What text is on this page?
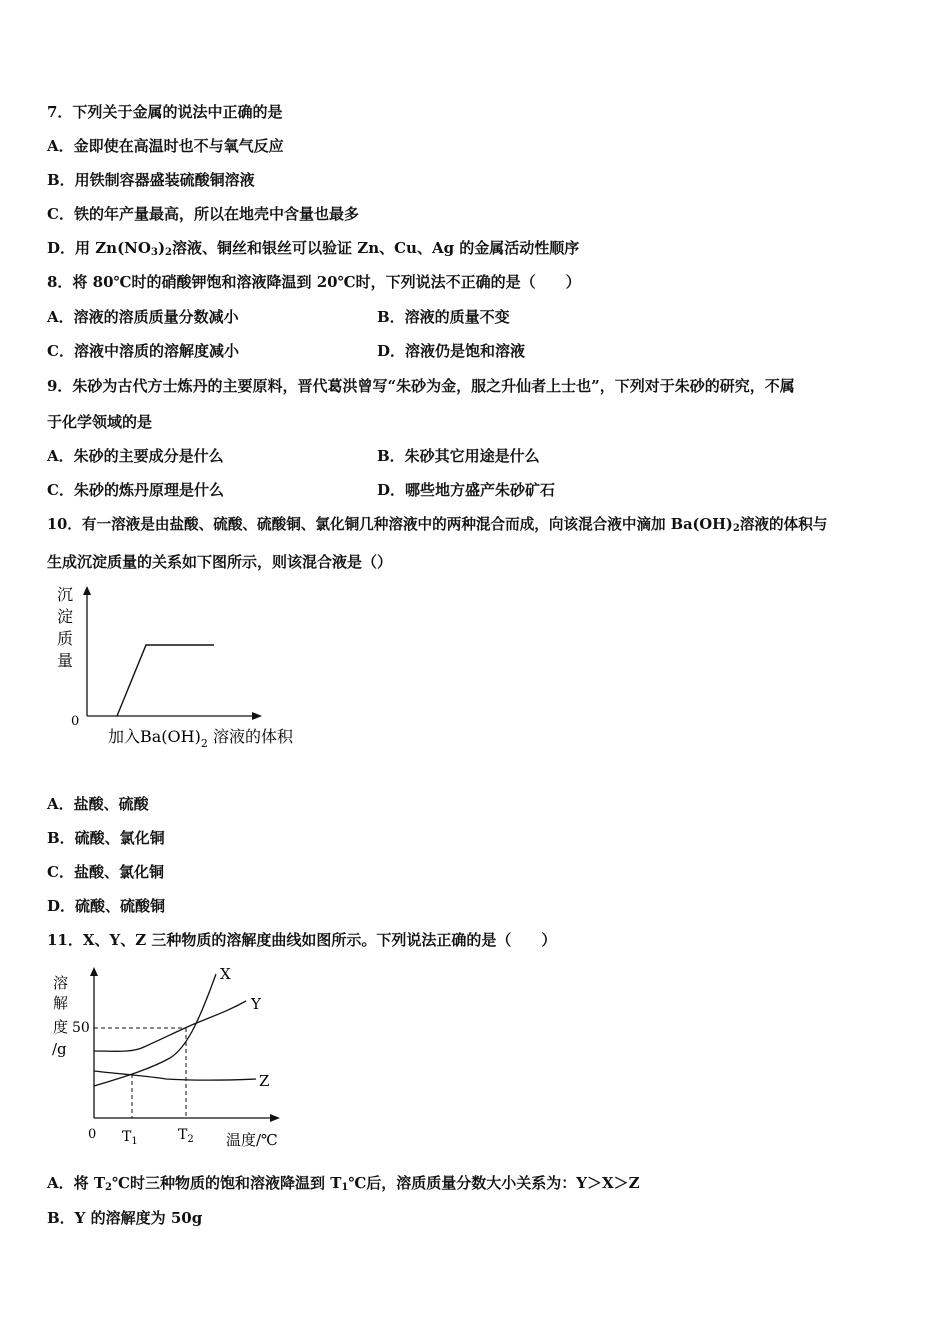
7．下列关于金属的说法中正确的是
A．金即使在高温时也不与氧气反应
B．用铁制容器盛装硫酸铜溶液
C．铁的年产量最高，所以在地壳中含量也最多
D．用 $Zn(NO_3)_2$溶液、铜丝和银丝可以验证 Zn、Cu、Ag 的金属活动性顺序
8．将 80℃时的硝酸钾饱和溶液降温到 20℃时，下列说法不正确的是（　　）
A．溶液的溶质质量分数减小	B．溶液的质量不变
C．溶液中溶质的溶解度减小	D．溶液仍是饱和溶液
9．朱砂为古代方士炼丹的主要原料，晋代葛洪曾写“朱砂为金，服之升仙者上士也”，下列对于朱砂的研究，不属
于化学领域的是
A．朱砂的主要成分是什么	B．朱砂其它用途是什么
C．朱砂的炼丹原理是什么	D．哪些地方盛产朱砂矿石
10．有一溶液是由盐酸、硫酸、硫酸铜、氯化铜几种溶液中的两种混合而成，向该混合液中滴加 $Ba(OH)_2$溶液的体积与
生成沉淀质量的关系如下图所示，则该混合液是（）
沉
淀
质
量
0
加入$Ba(OH)_2$ 溶液的体积
A．盐酸、硫酸
B．硫酸、氯化铜
C．盐酸、氯化铜
D．硫酸、硫酸铜
11．X、Y、Z 三种物质的溶解度曲线如图所示。下列说法正确的是（　　）
溶
解
度 50
/g
X
Y
Z
0 $T_1$	$T_2$ 温度/℃
A．将 $T_2℃$时三种物质的饱和溶液降温到 $T_1℃$后，溶质质量分数大小关系为：Y＞X＞Z
B．Y 的溶解度为 50g
